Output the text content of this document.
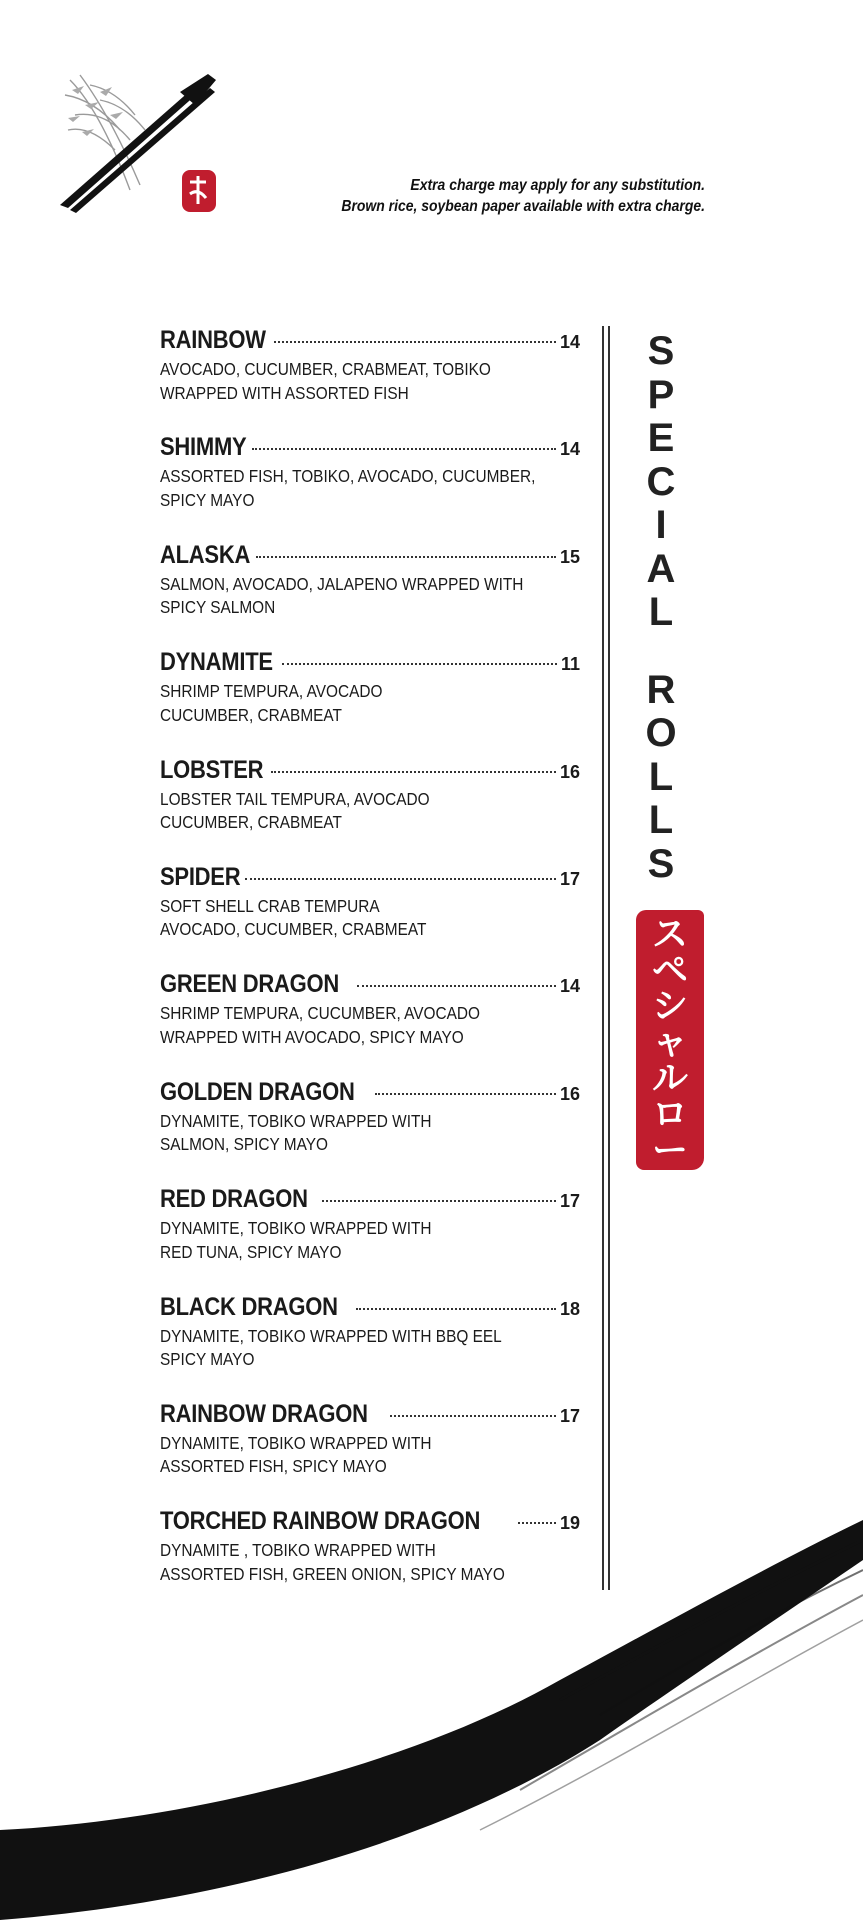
Extra charge may apply for any substitution.
Brown rice, soybean paper available with extra charge.
RAINBOW	14
AVOCADO, CUCUMBER, CRABMEAT, TOBIKO
WRAPPED WITH ASSORTED FISH
SHIMMY	14
ASSORTED FISH, TOBIKO, AVOCADO, CUCUMBER,
SPICY MAYO
ALASKA	15
SALMON, AVOCADO, JALAPENO WRAPPED WITH
SPICY SALMON
DYNAMITE	11
SHRIMP TEMPURA, AVOCADO
CUCUMBER, CRABMEAT
LOBSTER	16
LOBSTER TAIL TEMPURA, AVOCADO
CUCUMBER, CRABMEAT
SPIDER	17
SOFT SHELL CRAB TEMPURA
AVOCADO, CUCUMBER, CRABMEAT
GREEN DRAGON	14
SHRIMP TEMPURA, CUCUMBER, AVOCADO
WRAPPED WITH AVOCADO, SPICY MAYO
GOLDEN DRAGON	16
DYNAMITE, TOBIKO WRAPPED WITH
SALMON, SPICY MAYO
RED DRAGON	17
DYNAMITE, TOBIKO WRAPPED WITH
RED TUNA, SPICY MAYO
BLACK DRAGON	18
DYNAMITE, TOBIKO WRAPPED WITH BBQ EEL
SPICY MAYO
RAINBOW DRAGON	17
DYNAMITE, TOBIKO WRAPPED WITH
ASSORTED FISH, SPICY MAYO
TORCHED RAINBOW DRAGON	19
DYNAMITE , TOBIKO WRAPPED WITH
ASSORTED FISH, GREEN ONION, SPICY MAYO
S
P
E
C
I
A
L
R
O
L
L
S
ス
ペ
シ
ャ
ル
ロ
ー
ル
